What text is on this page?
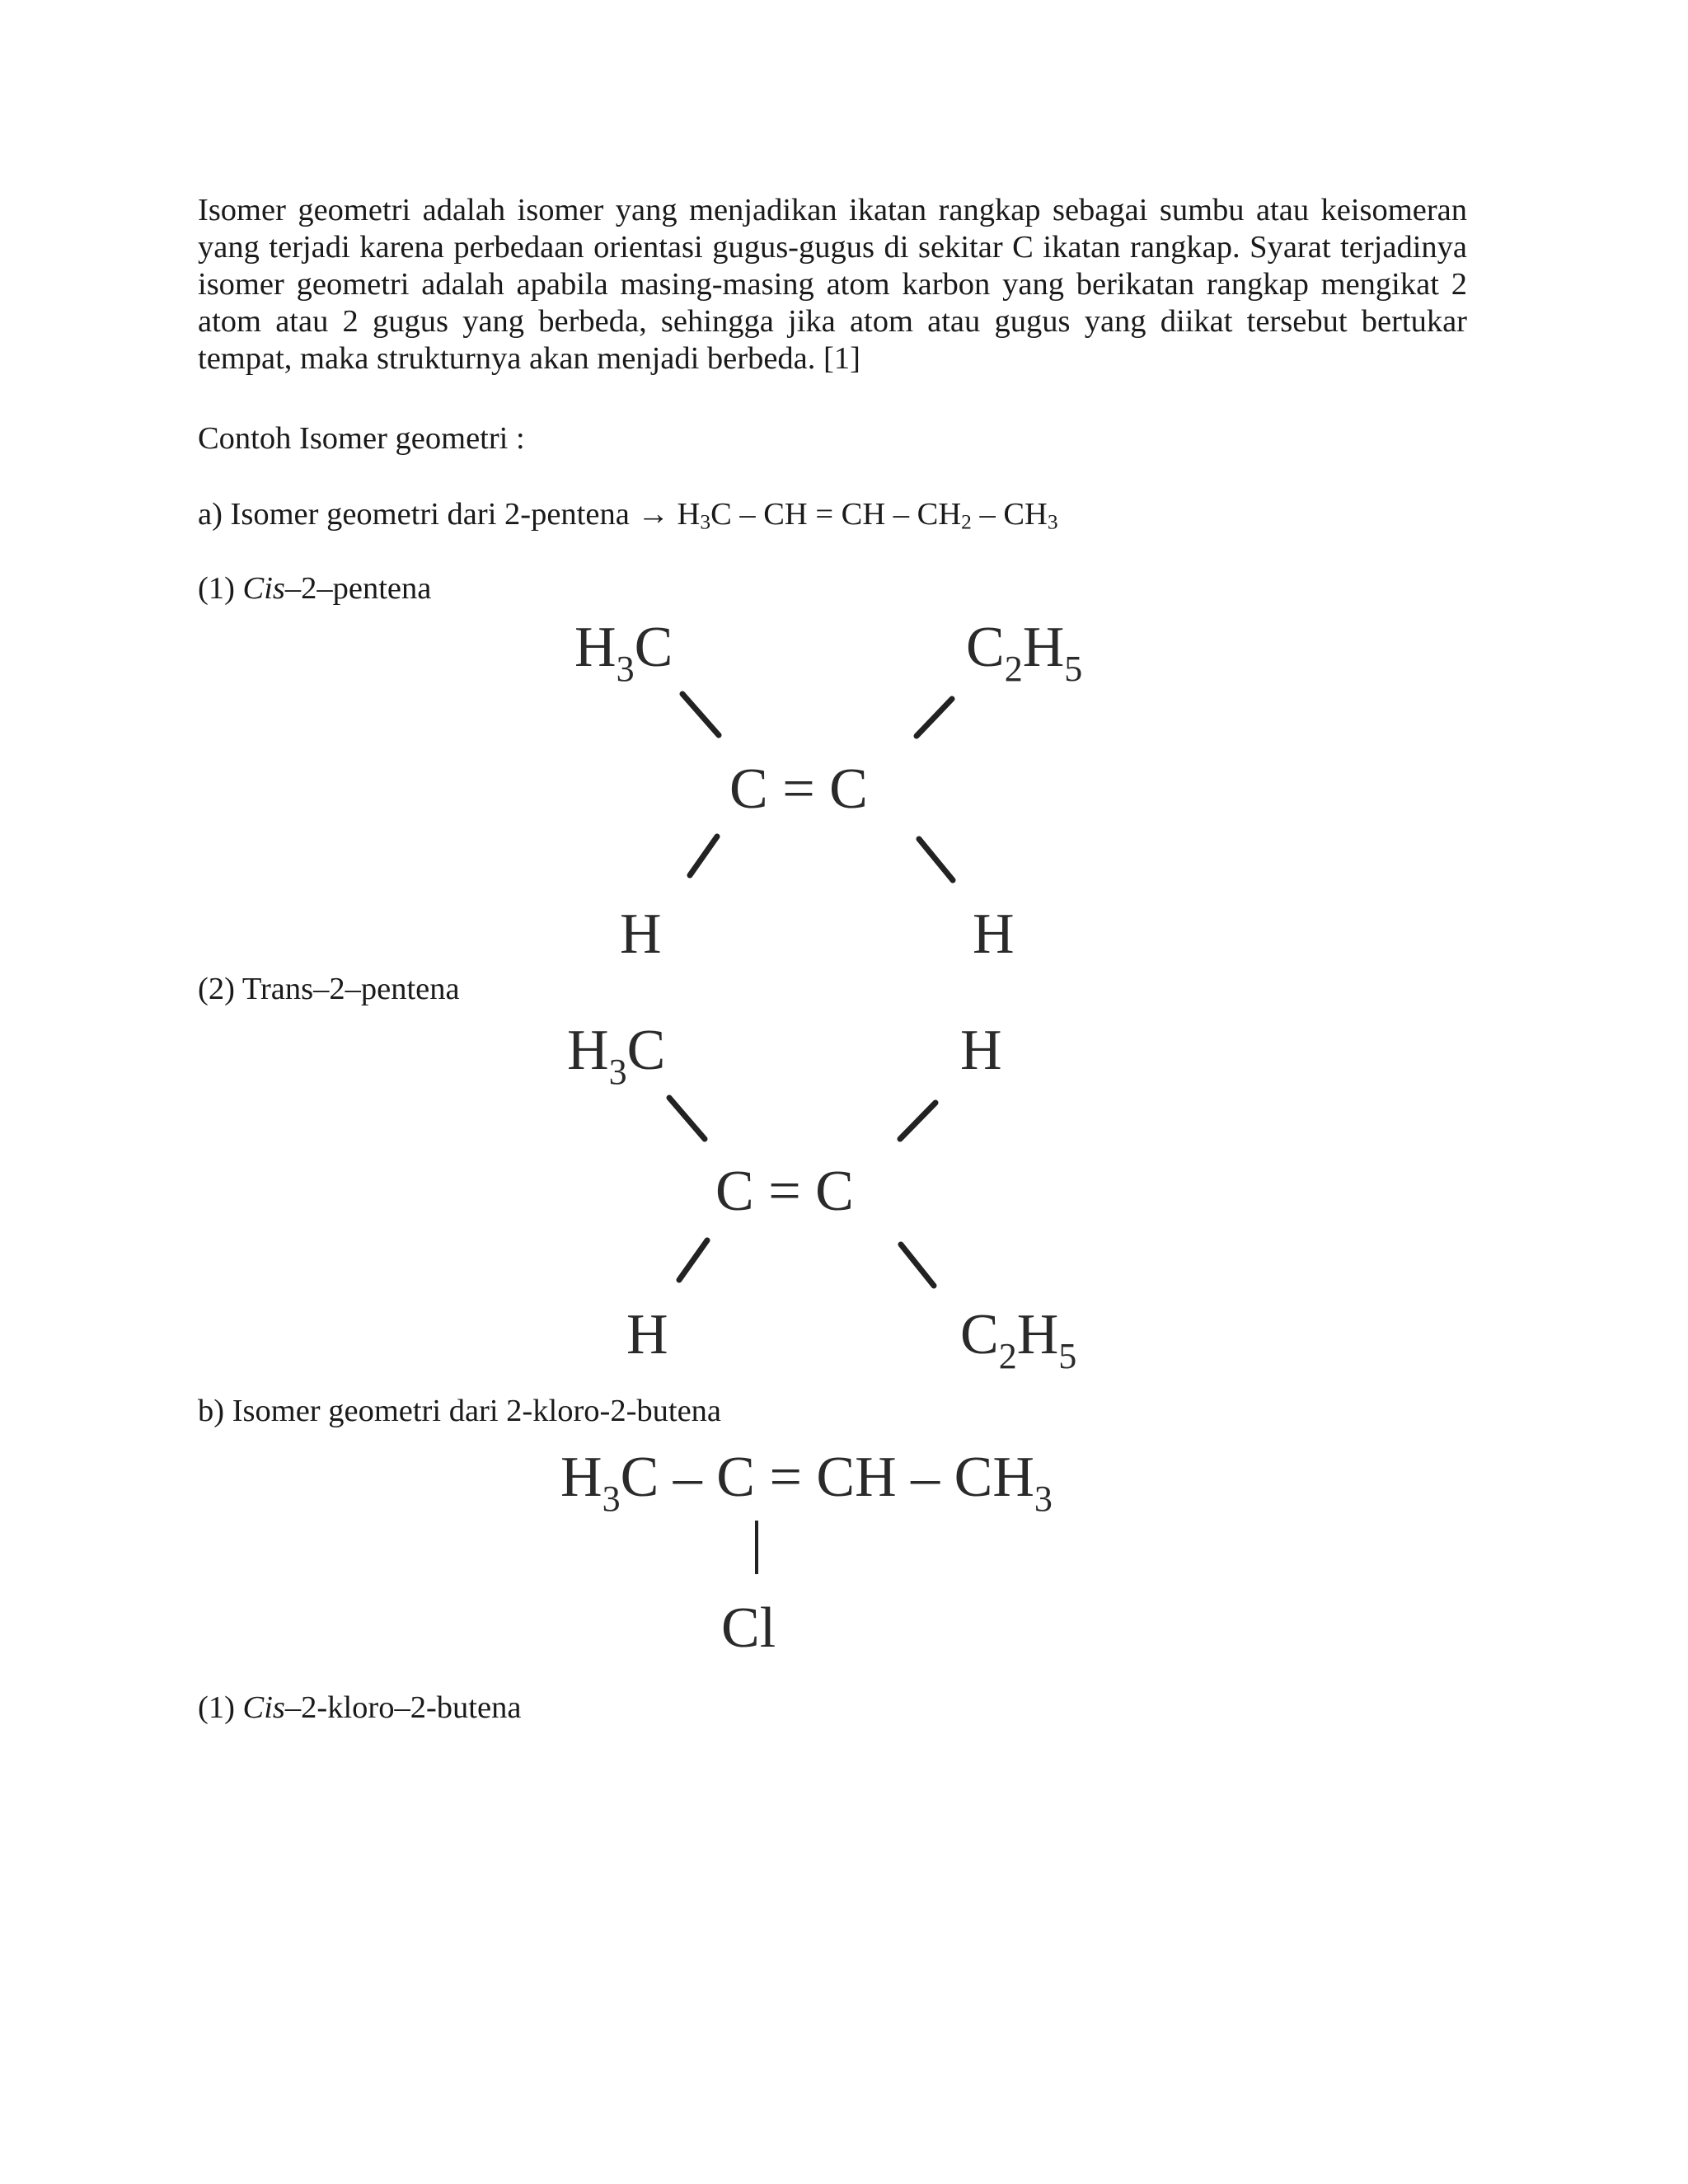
Isomer geometri adalah isomer yang menjadikan ikatan rangkap sebagai sumbu atau keisomeran yang terjadi karena perbedaan orientasi gugus-gugus di sekitar C ikatan rangkap. Syarat terjadinya isomer geometri adalah apabila masing-masing atom karbon yang berikatan rangkap mengikat 2 atom atau 2 gugus yang berbeda, sehingga jika atom atau gugus yang diikat tersebut bertukar tempat, maka strukturnya akan menjadi berbeda. [1]

Contoh Isomer geometri :
a) Isomer geometri dari 2-pentena → $H_3C$ – CH = CH – $CH_2 - CH_3$
(1) Cis–2–pentena
$H_3C$	$C_2H_5$
C = C
H	H
(2) Trans–2–pentena
$H_3C$	H
C = C
H	$C_2H_5$
b) Isomer geometri dari 2-kloro-2-butena
$H_3C$ – C = CH – $CH_3$
Cl
(1) Cis–2-kloro–2-butena
